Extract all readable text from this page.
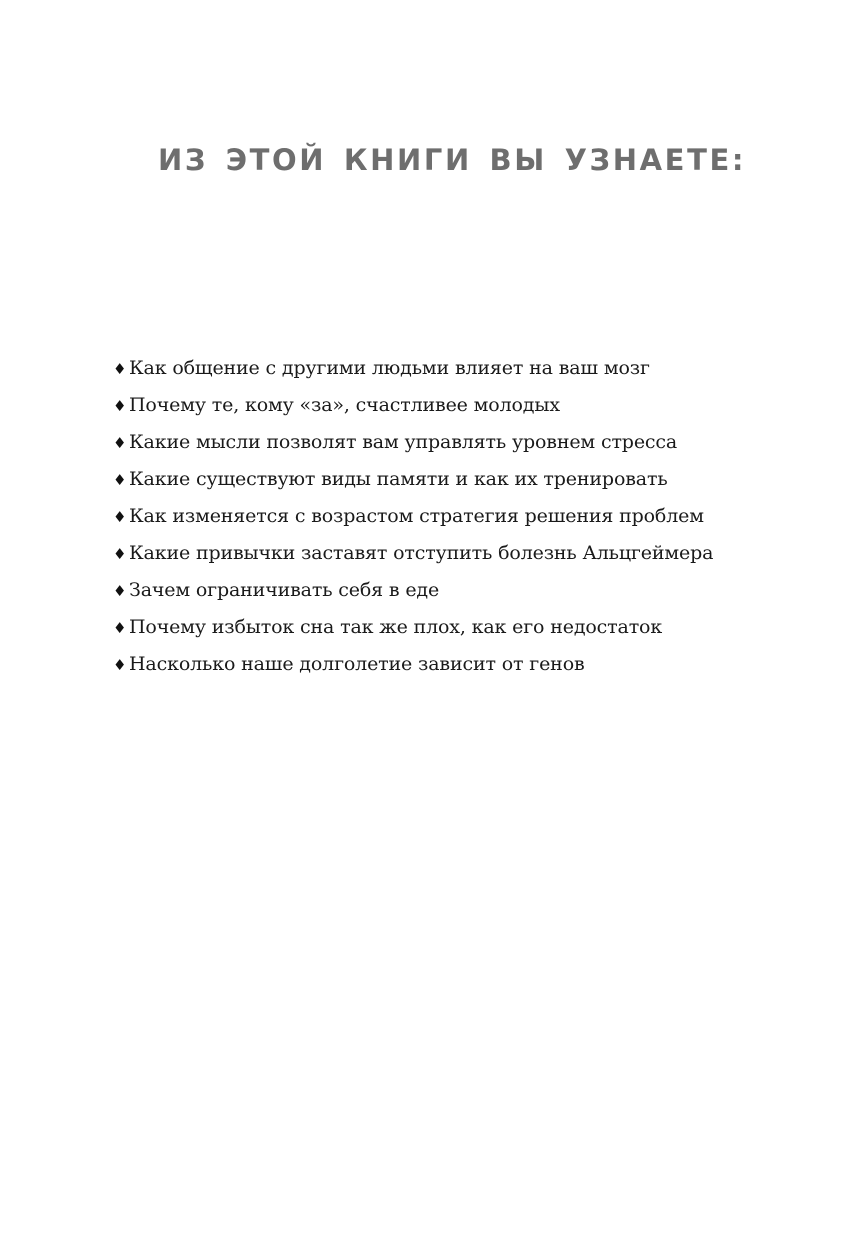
ИЗ ЭТОЙ КНИГИ ВЫ УЗНАЕТЕ:
♦ Как общение с другими людьми влияет на ваш мозг
♦ Почему те, кому «за», счастливее молодых
♦ Какие мысли позволят вам управлять уровнем стресса
♦ Какие существуют виды памяти и как их тренировать
♦ Как изменяется с возрастом стратегия решения проблем
♦ Какие привычки заставят отступить болезнь Альцгеймера
♦ Зачем ограничивать себя в еде
♦ Почему избыток сна так же плох, как его недостаток
♦ Насколько наше долголетие зависит от генов
